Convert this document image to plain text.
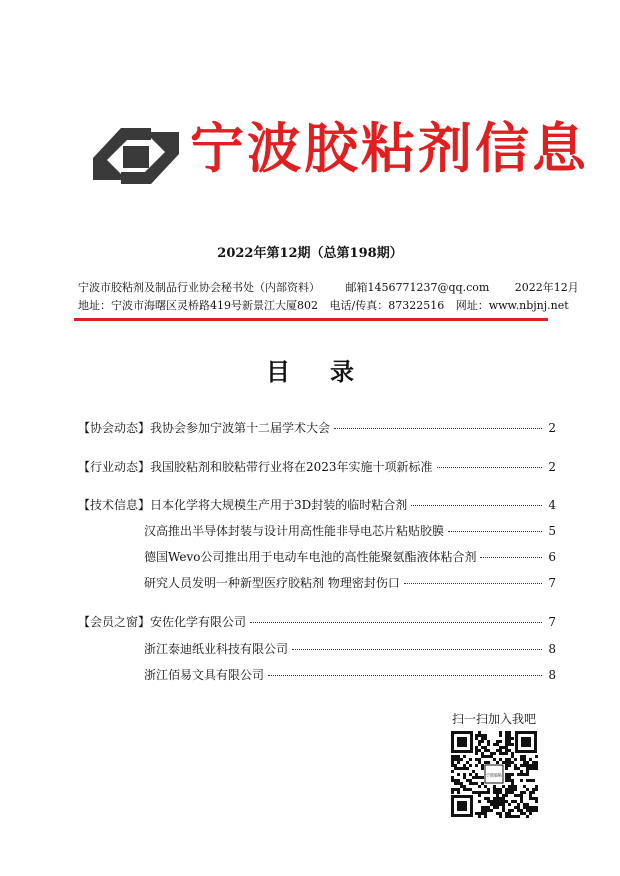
宁波胶粘剂信息
2022年第12期（总第198期）
宁波市胶粘剂及制品行业协会秘书处（内部资料） 邮箱1456771237@qq.com 2022年12月
地址：宁波市海曙区灵桥路419号新景江大厦802 电话/传真：87322516 网址：www.nbjnj.net
目录
【协会动态】 我协会参加宁波第十二届学术大会	2
【行业动态】 我国胶粘剂和胶粘带行业将在2023年实施十项新标准	2
【技术信息】 日本化学将大规模生产用于3D封装的临时粘合剂	4
汉高推出半导体封装与设计用高性能非导电芯片粘贴胶膜	5
德国Wevo公司推出用于电动车电池的高性能聚氨酯液体粘合剂	6
研究人员发明一种新型医疗胶粘剂 物理密封伤口	7
【会员之窗】 安佐化学有限公司	7
浙江泰迪纸业科技有限公司	8
浙江佰易文具有限公司	8
扫一扫加入我吧
宁波胶粘
